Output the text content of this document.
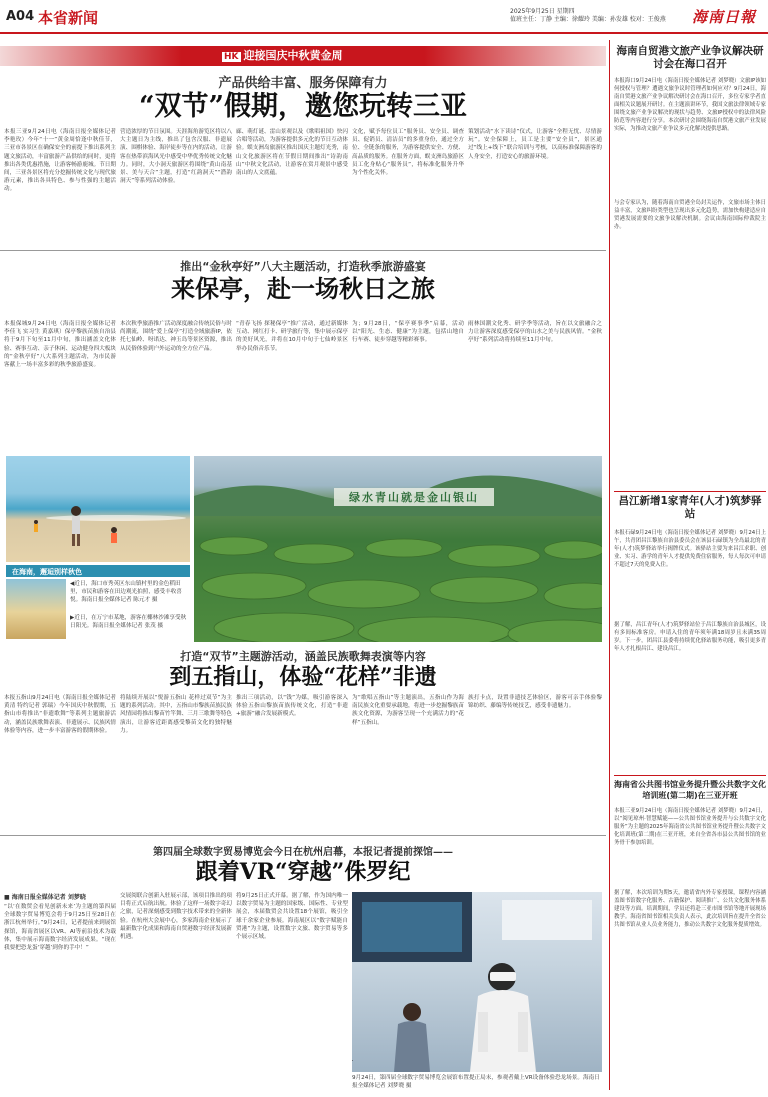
A04 本省新闻	2025年9月25日 星期四
值班主任：丁静 主编：徐耀玲 美编：孙发雄 校对：王俊燕	海南日報
HK 迎接国庆中秋黄金周
产品供给丰富、服务保障有力
“双节”假期，邀您玩转三亚
本报三亚9月24日电（海南日报全媒体记者 李艳玫）今年“十一”黄金周恰逢中秋佳节，三亚市各景区在确保安全的前提下推出系列主题文旅活动，丰富旅游产品供给的同时，更将推出各类优惠措施，让游客畅游鹿城。节日期间，三亚各景区将充分挖掘传统文化与现代旅游元素，推出各具特色、参与性强的主题活动。
营造浓厚的节日氛围。天涯海角游览区将以八大主题日为主线，推出了包含汉服、非遗展演、围棋体验、海岸徒步等在内的活动，让游客在热带滨海风光中感受中华优秀传统文化魅力。同时，大小洞天旅游区将围绕“黄山南基景、美与天合”主题，打造“红韵洞天”“潜韵洞天”等系列活动体验。
廊、萌灯谜、雷山景观以及《歌唱祖国》快闪合唱等活动，为游客提供多元化的节日互动体验。蜈支洲岛旅游区推出国庆主题灯光秀，南山文化旅游区将在节假日期间推出“诗韵南山”中秋文化活动，让游客在赏月观景中感受南山的人文底蕴。
文化，赋予每位员工“服务员、安全员、调查员、促销员、清洁员”的多重身份，通过全方位、全链条的服务，为游客提供安全、方便、高品质的服务。在服务方面，蜈支洲岛旅游区员工化身贴心“服务员”，将标准化服务升华为个性化关怀。
策划活动“水下读诗”仪式，让游客“全程无忧、尽情游玩”。安全保障上，员工是主要“安全员”，景区通过“线上+线下”联合培训与考核，以高标准保障游客的人身安全，打造安心的旅游环境。
推出“金秋亭好”八大主题活动，打造秋季旅游盛宴
来保亭，赴一场秋日之旅
本报保城9月24日电（海南日报全媒体记者 李佳飞 实习生 黄嘉琪）保亭黎族苗族自治县将于9月下旬至11月中旬，推出涵盖文化体验、赛事互动、亲子休闲、运动健身四大板块的“金秋亭好”八大系列主题活动，为市民游客献上一场丰富多彩的秋季旅游盛宴。
本次秋季旅游推广活动深度融合传统民俗与时尚潮流，围绕“爱上保亭”打造全域旅游IP，依托七仙岭、呀诺达、神玉岛等景区资源，推出从民俗体验到户外运动的全方位产品。
“青春飞扬 探秘保亭”推广活动，通过新媒体互动、网红打卡、研学旅行等，集中展示保亭的美好风光，并将在10月中旬于七仙岭景区举办民俗音乐节。
为；9月28日，“保亭赛事季”启幕，活动以“阳光、生态、健康”为主题，包括山地自行车赛、徒步穿越等精彩赛事。
雨林国潮文化秀、研学季等活动，旨在以文旅融合之力让游客深度感受保亭的山水之美与民族风情。“金秋亭好”系列活动将持续至11月中旬。
在海南，邂逅别样秋色
◀近日，海口市秀英区东山镇村里的金色稻田里，市民和游客在田边观光拍照，感受丰收喜悦。海南日报全媒体记者 陈元才 摄
▶近日，在万宁市某地，游客在椰林沙滩享受秋日阳光。海南日报全媒体记者 张茂 摄
绿水青山就是金山银山
打造“双节”主题游活动，涵盖民族歌舞表演等内容
到五指山，体验“花样”非遗
本报五指山9月24日电（海南日报全媒体记者 黄清 特约记者 郭瑞）今年国庆中秋假期，五指山市将推出“非遗歌舞”等系列主题旅游活动，涵盖民族歌舞表演、非遗展示、民族风情体验等内容，进一步丰富游客的假期体验。
将陆续开展以“悦游五指山 花样过双节”为主题的系列活动。其中，五指山市黎族苗族民族风情园将推出黎苗竹竿舞、三月三歌舞等特色演出，让游客近距离感受黎苗文化的独特魅力。
推出三项活动，以“钱”为媒，吸引游客深入体验五指山黎族苗族传统文化，打造“非遗+旅游”融合发展新模式。
为“歌唱五指山”等主题演出，五指山作为海南民族文化重要承载地，将进一步挖掘黎族苗族文化资源，为游客呈现一个充满活力的“花样”五指山。
族打卡点，设置非遗技艺体验区，游客可亲手体验黎锦纺织、藤编等传统技艺，感受非遗魅力。
第四届全球数字贸易博览会今日在杭州启幕，本报记者提前探馆——
跟着VR“穿越”侏罗纪
■ 海南日报全媒体记者 刘梦晓
“以‘在数贸会看见创新未来’为主题的第四届全球数字贸易博览会将于9月25日至28日在浙江杭州举行。”9月24日，记者提前来到展馆探馆，海南省展区以VR、AI等前沿技术为载体，集中展示海南数字经济发展成果。“现在我要把恐龙蛋‘穿越’到你的手中！”
交展阅联合创新入驻展示部，该项目推出的项目将正式启航出航。体验了这样一场数字奇幻之旅，记者深刻感受到数字技术带来的全新体验。在杭州大会展中心，多家海南企业展示了最新数字化成果和海南自贸港数字经济发展新机遇。
将9月25日正式开幕。据了解，作为国内唯一以数字贸易为主题的国家级、国际性、专业型展会，本届数贸会共设置18个展馆，吸引全球千余家企业参展。海南展区以“数字赋能自贸港”为主题，设置数字文旅、数字贸易等多个展示区域。
9月24日，第四届全球数字贸易博览会展馆布置提正局末，参观者戴上VR设备体验恐龙场景。海南日报全媒体记者 刘梦晓 摄
海南自贸港文旅产业争议解决研讨会在海口召开
本报海口9月24日电（海南日报全媒体记者 刘梦晓）文旅IP该如何授权与管理？遭遇文旅争议时管理者如何应对？9月24日，海南自贸港文旅产业争议解决研讨会在海口召开，多位专家学者直面相关议题展开研讨。在主题演讲环节，我国文旅法律领域专家围绕文旅产业争议解决的现状与趋势、文旅IP授权中的法律风险防范等内容进行分享。本次研讨会围绕海南自贸港文旅产业发展实际，为推动文旅产业争议多元化解决提供思路。
与会专家认为，随着海南自贸港全岛封关运作，文旅市场主体日益丰富，文旅纠纷类型也呈现出多元化趋势，需加快构建适应自贸港发展需要的文旅争议解决机制。会议由海南国际仲裁院主办。
昌江新增1家青年(人才)筑梦驿站
本报石碌9月24日电（海南日报全媒体记者 刘梦晓）9月24日上午，共青团昌江黎族自治县委员会在该县石碌镇为全岛最北的青年(人才)筑梦驿站举行揭牌仪式。该驿站主要为来昌江求职、创业、实习、游学的青年人才提供免费住宿服务，每人每次可申请不超过7天的免费入住。
据了解，昌江青年(人才)筑梦驿站位于昌江黎族自治县城区，设有多间标准客房。申请入住的青年须年满18周岁且未满35周岁。下一步，团昌江县委将持续优化驿站服务功能，吸引更多青年人才扎根昌江、建设昌江。
海南省公共图书馆业务提升暨公共数字文化培训班(第二期)在三亚开班
本报三亚9月24日电（海南日报全媒体记者 刘梦晓）9月24日，以“阅见琼州·智慧赋能——公共图书馆业务提升与公共数字文化服务”为主题的2025年海南省公共图书馆业务提升暨公共数字文化培训班(第二期)在三亚开班，来自全省各市县公共图书馆的业务骨干参加培训。
据了解，本次培训为期5天，邀请省内外专家授课，课程内容涵盖图书馆数字化服务、古籍保护、阅读推广、公共文化服务体系建设等方面。培训期间，学员还将赴三亚市图书馆等地开展现场教学。海南省图书馆相关负责人表示，此次培训旨在提升全省公共图书馆从业人员业务能力，推动公共数字文化服务提质增效。
